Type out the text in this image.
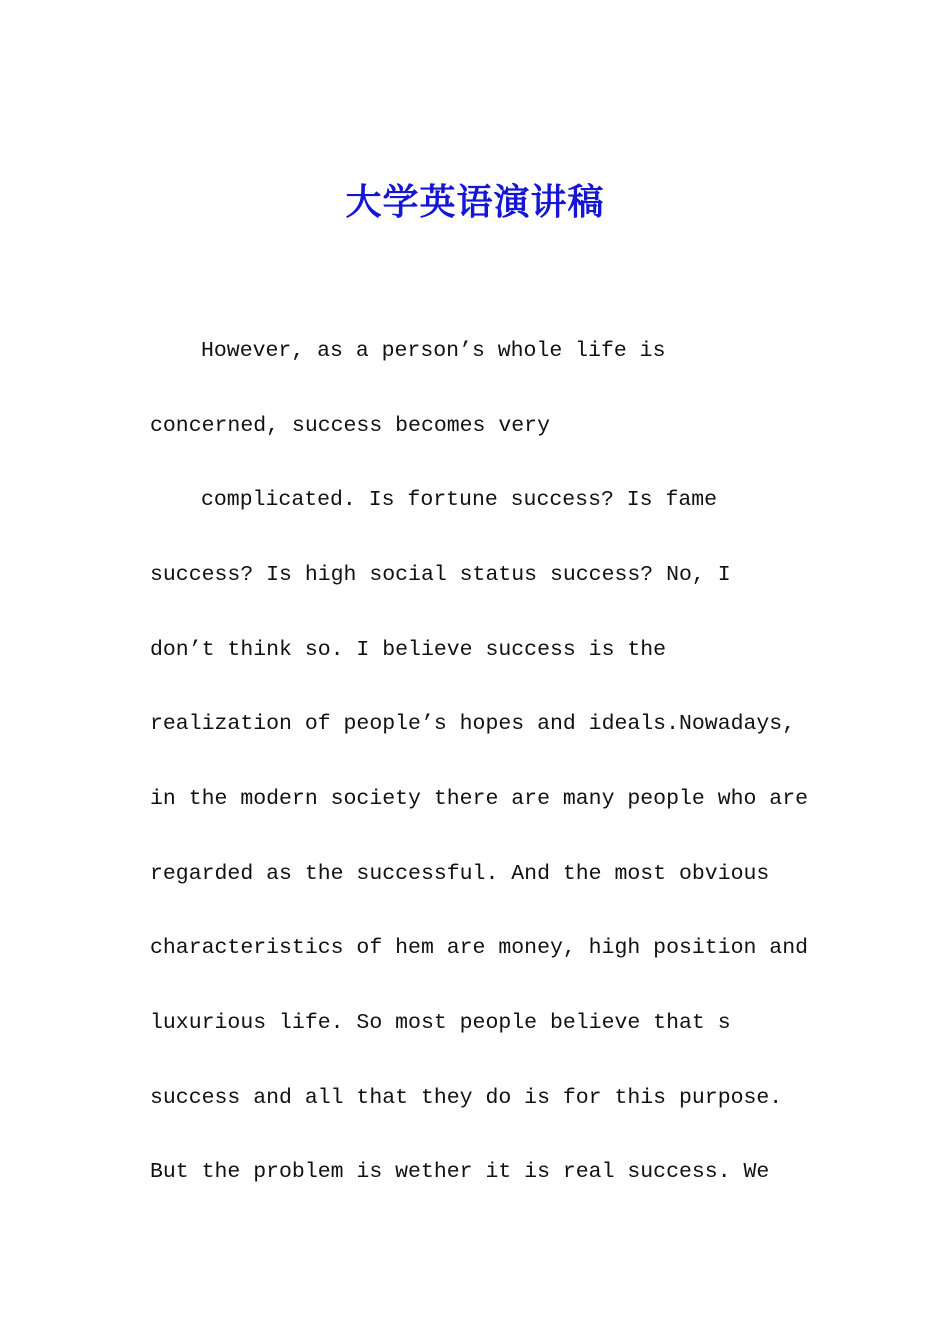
大学英语演讲稿
However, as a person’s whole life is
concerned, success becomes very
complicated. Is fortune success? Is fame
success? Is high social status success? No, I
don’t think so. I believe success is the
realization of people’s hopes and ideals.Nowadays,
in the modern society there are many people who are
regarded as the successful. And the most obvious
characteristics of hem are money, high position and
luxurious life. So most people believe that s
success and all that they do is for this purpose.
But the problem is wether it is real success. We
